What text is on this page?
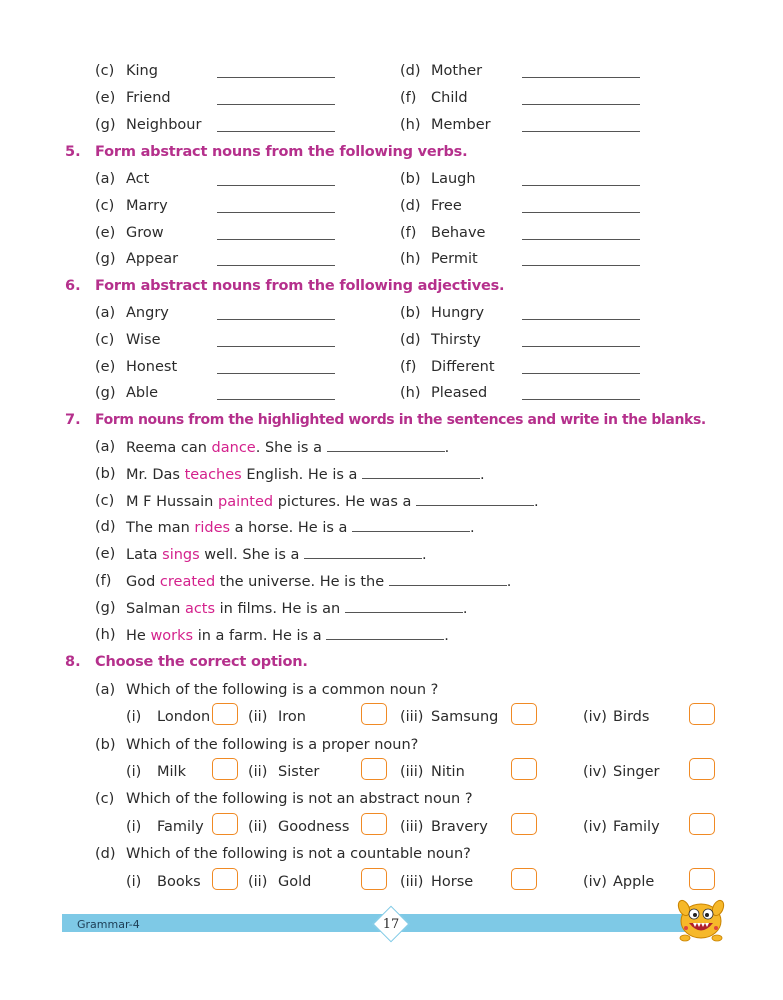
(c) King	(d) Mother
(e) Friend	(f)	Child
(g) Neighbour	(h) Member
5. Form abstract nouns from the following verbs.
(a) Act	(b) Laugh
(c) Marry	(d) Free
(e) Grow	(f)	Behave
(g) Appear	(h) Permit
6. Form abstract nouns from the following adjectives.
(a) Angry	(b) Hungry
(c) Wise	(d) Thirsty
(e) Honest	(f)	Different
(g) Able	(h) Pleased
7. Form nouns from the highlighted words in the sentences and write in the blanks.
(a) Reema can dance. She is a	.
(b) Mr. Das teaches English. He is a	.
(c) M F Hussain painted pictures. He was a	.
(d) The man rides a horse. He is a	.
(e) Lata sings well. She is a	.
(f)	God created the universe. He is the	.
(g) Salman acts in films. He is an	.
(h) He works in a farm. He is a	.
8. Choose the correct option.
(a) Which of the following is a common noun ?
(i) London	(ii) Iron	(iii) Samsung	(iv) Birds
(b) Which of the following is a proper noun?
(i) Milk	(ii) Sister	(iii) Nitin	(iv) Singer
(c) Which of the following is not an abstract noun ?
(i) Family	(ii) Goodness	(iii) Bravery	(iv) Family
(d) Which of the following is not a countable noun?
(i) Books	(ii) Gold	(iii) Horse	(iv) Apple
Grammar-4	17
